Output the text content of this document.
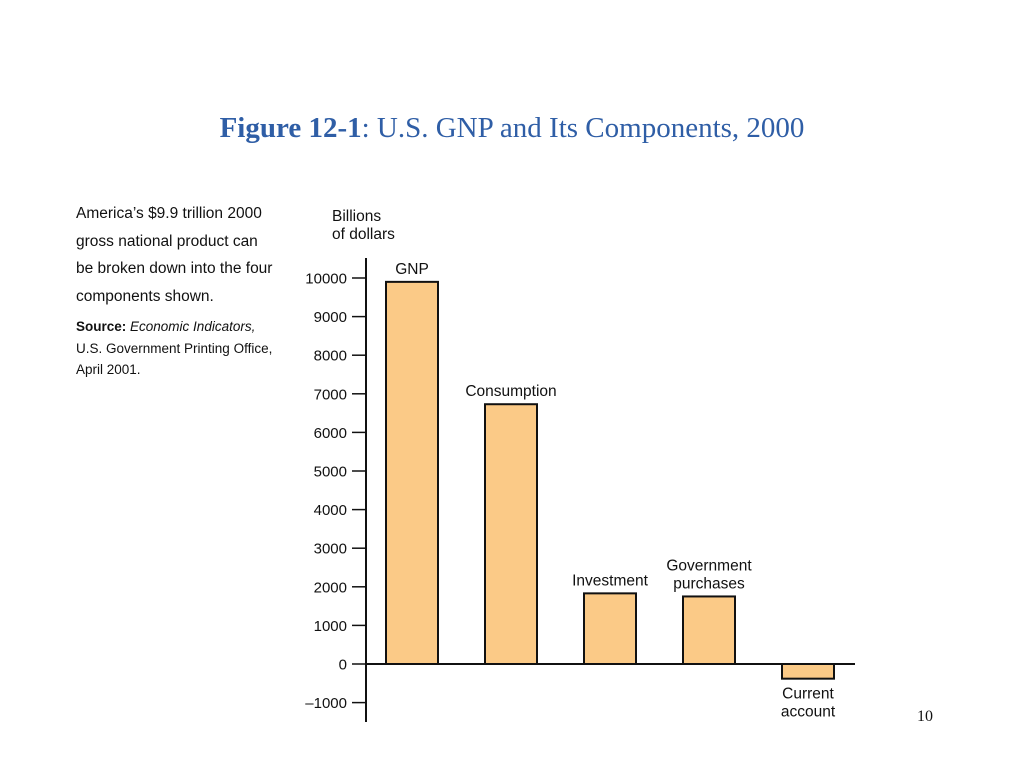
Figure 12-1: U.S. GNP and Its Components, 2000

America’s $9.9 trillion 2000 gross national product can be broken down into the four components shown.

Source: Economic Indicators, U.S. Government Printing Office, April 2001.

Billions
of dollars
10000
9000
8000
7000
6000
5000
4000
3000
2000
1000
0
–1000
GNP
Consumption
Investment
Government
purchases
Current
account	10
